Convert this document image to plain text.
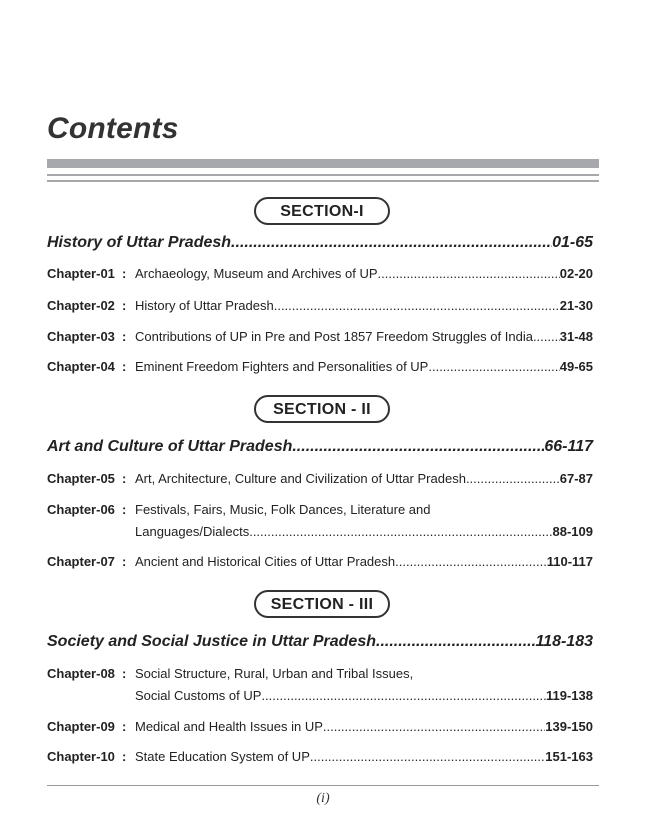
Contents
SECTION-I
History of Uttar Pradesh .....	01-65
Chapter-01 : Archaeology, Museum and Archives of UP .....	02-20
Chapter-02 : History of Uttar Pradesh .....	21-30
Chapter-03 : Contributions of UP in Pre and Post 1857 Freedom Struggles of India ..... 31-48
Chapter-04 : Eminent Freedom Fighters and Personalities of UP .....	49-65
SECTION - II
Art and Culture of Uttar Pradesh .....	66-117
Chapter-05 : Art, Architecture, Culture and Civilization of Uttar Pradesh .....	67-87
Chapter-06 : Festivals, Fairs, Music, Folk Dances, Literature and
Languages/Dialects .....	88-109
Chapter-07 : Ancient and Historical Cities of Uttar Pradesh .....	110-117
SECTION - III
Society and Social Justice in Uttar Pradesh .....	118-183
Chapter-08 : Social Structure, Rural, Urban and Tribal Issues,
Social Customs of UP .....	119-138
Chapter-09 : Medical and Health Issues in UP .....	139-150
Chapter-10 : State Education System of UP .....	151-163
(i)
